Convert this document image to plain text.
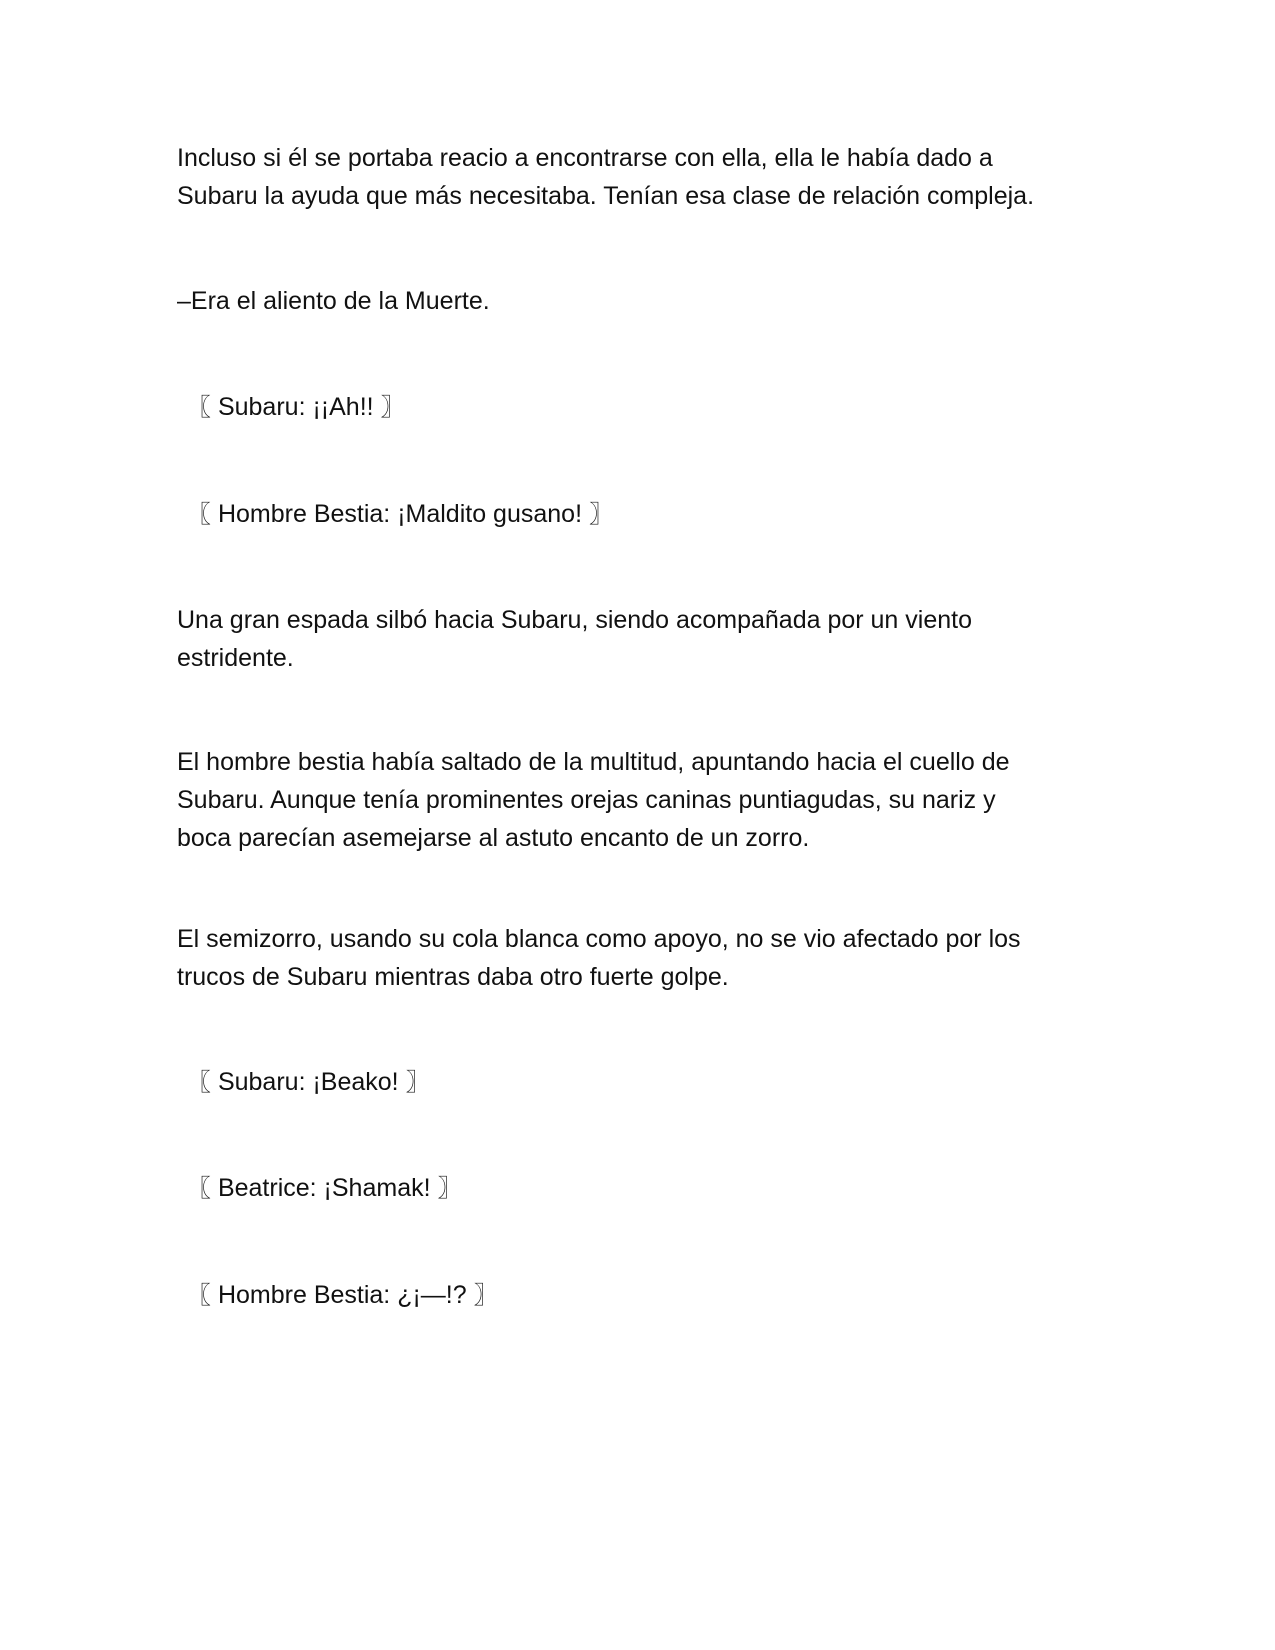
Incluso si él se portaba reacio a encontrarse con ella, ella le había dado a
Subaru la ayuda que más necesitaba. Tenían esa clase de relación compleja.

–Era el aliento de la Muerte.

〖 Subaru: ¡¡Ah!! 〗

〖 Hombre Bestia: ¡Maldito gusano! 〗

Una gran espada silbó hacia Subaru, siendo acompañada por un viento
estridente.

El hombre bestia había saltado de la multitud, apuntando hacia el cuello de
Subaru. Aunque tenía prominentes orejas caninas puntiagudas, su nariz y
boca parecían asemejarse al astuto encanto de un zorro.

El semizorro, usando su cola blanca como apoyo, no se vio afectado por los
trucos de Subaru mientras daba otro fuerte golpe.

〖 Subaru: ¡Beako! 〗

〖 Beatrice: ¡Shamak! 〗

〖 Hombre Bestia: ¿¡—!? 〗
